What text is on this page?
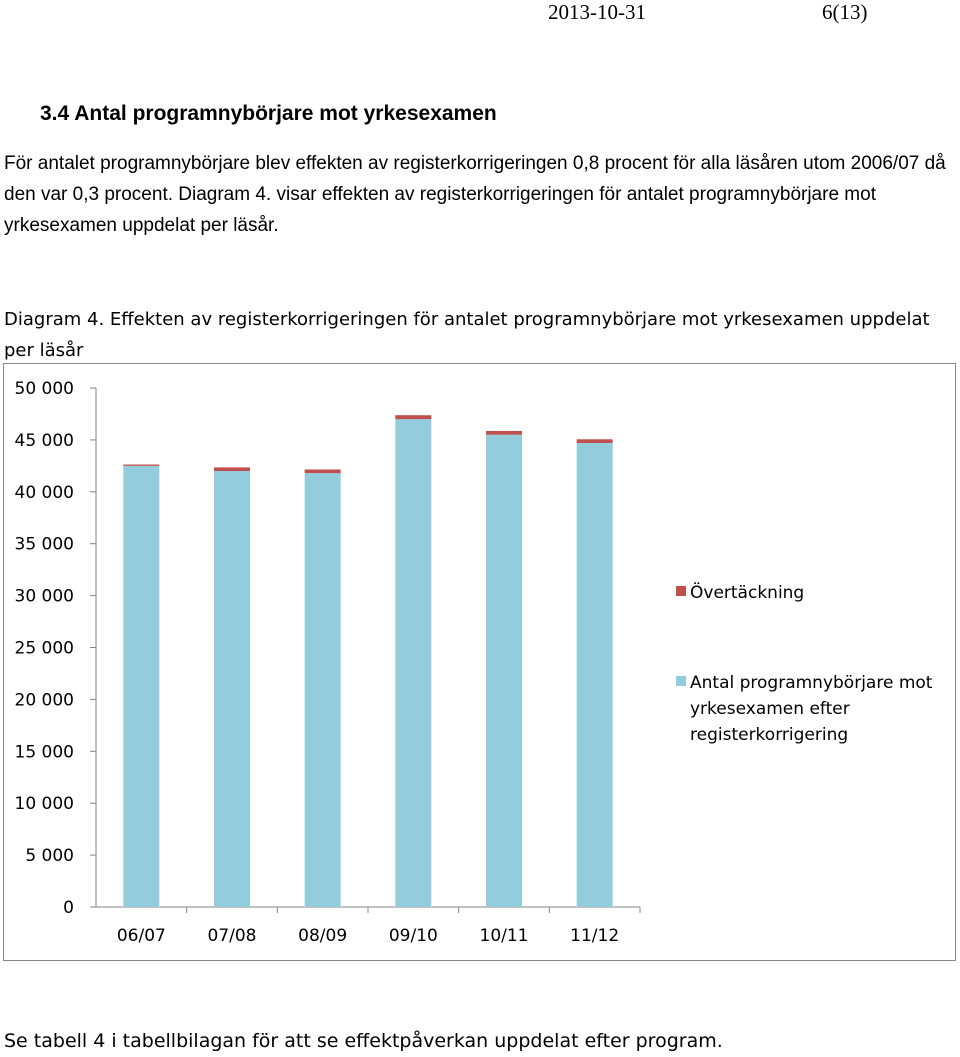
2013-10-31	6(13)
3.4 Antal programnybörjare mot yrkesexamen

För antalet programnybörjare blev effekten av registerkorrigeringen 0,8 procent för alla läsåren utom 2006/07 då den var 0,3 procent. Diagram 4. visar effekten av registerkorrigeringen för antalet programnybörjare mot yrkesexamen uppdelat per läsår.

Diagram 4. Effekten av registerkorrigeringen för antalet programnybörjare mot yrkesexamen uppdelat per läsår

0
5 000
10 000
15 000
20 000
25 000
30 000
35 000
40 000
45 000
50 000
06/07 07/08 08/09 09/10 10/11 11/12
Övertäckning
Antal programnybörjare mot yrkesexamen efter registerkorrigering

Se tabell 4 i tabellbilagan för att se effektpåverkan uppdelat efter program.
